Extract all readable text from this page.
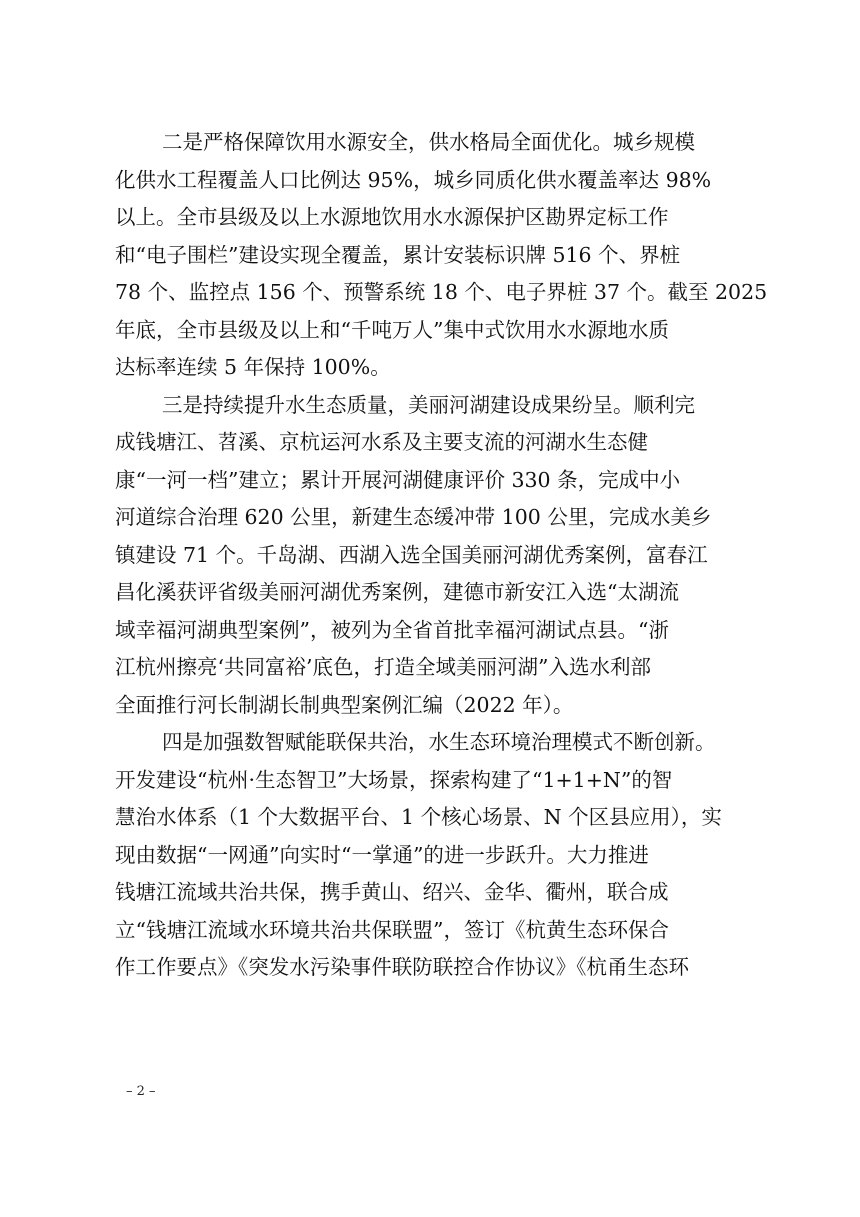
二是严格保障饮用水源安全，供水格局全面优化。城乡规模
化供水工程覆盖人口比例达 95%，城乡同质化供水覆盖率达 98%
以上。全市县级及以上水源地饮用水水源保护区勘界定标工作
和“电子围栏”建设实现全覆盖，累计安装标识牌 516 个、界桩
78 个、监控点 156 个、预警系统 18 个、电子界桩 37 个。截至 2025
年底，全市县级及以上和“千吨万人”集中式饮用水水源地水质
达标率连续 5 年保持 100%。

三是持续提升水生态质量，美丽河湖建设成果纷呈。顺利完
成钱塘江、苕溪、京杭运河水系及主要支流的河湖水生态健
康“一河一档”建立；累计开展河湖健康评价 330 条，完成中小
河道综合治理 620 公里，新建生态缓冲带 100 公里，完成水美乡
镇建设 71 个。千岛湖、西湖入选全国美丽河湖优秀案例，富春江
昌化溪获评省级美丽河湖优秀案例，建德市新安江入选“太湖流
域幸福河湖典型案例”，被列为全省首批幸福河湖试点县。“浙
江杭州擦亮‘共同富裕’底色，打造全域美丽河湖”入选水利部
全面推行河长制湖长制典型案例汇编（2022 年）。

四是加强数智赋能联保共治，水生态环境治理模式不断创新。
开发建设“杭州·生态智卫”大场景，探索构建了“1+1+N”的智
慧治水体系（1 个大数据平台、1 个核心场景、N 个区县应用），实
现由数据“一网通”向实时“一掌通”的进一步跃升。大力推进
钱塘江流域共治共保，携手黄山、绍兴、金华、衢州，联合成
立“钱塘江流域水环境共治共保联盟”，签订《杭黄生态环保合
作工作要点》《突发水污染事件联防联控合作协议》《杭甬生态环

– 2 –
